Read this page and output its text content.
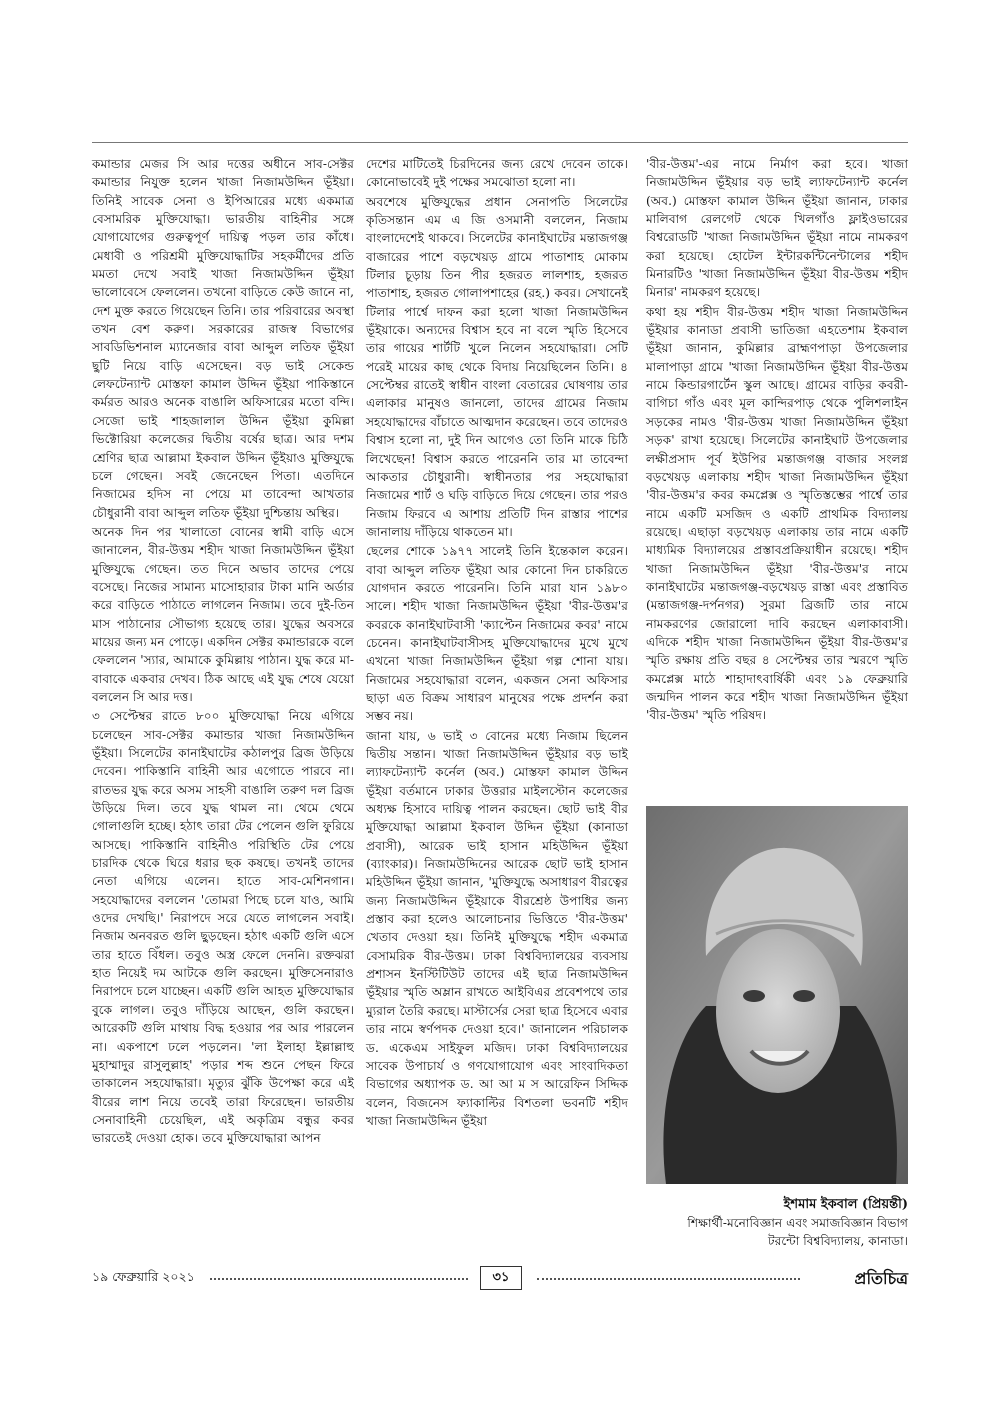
কমান্ডার মেজর সি আর দত্তের অধীনে সাব-সেক্টর কমান্ডার নিযুক্ত হলেন খাজা নিজামউদ্দিন ভূঁইয়া। তিনিই সাবেক সেনা ও ইপিআরের মধ্যে একমাত্র বেসামরিক মুক্তিযোদ্ধা। ভারতীয় বাহিনীর সঙ্গে যোগাযোগের গুরুত্বপূর্ণ দায়িত্ব পড়ল তার কাঁধে। মেধাবী ও পরিশ্রমী মুক্তিযোদ্ধাটির সহকর্মীদের প্রতি মমতা দেখে সবাই খাজা নিজামউদ্দিন ভূঁইয়া ভালোবেসে ফেললেন। তখনো বাড়িতে কেউ জানে না, দেশ মুক্ত করতে গিয়েছেন তিনি। তার পরিবারের অবস্থা তখন বেশ করুণ। সরকারের রাজস্ব বিভাগের সাবডিভিশনাল ম্যানেজার বাবা আব্দুল লতিফ ভূঁইয়া ছুটি নিয়ে বাড়ি এসেছেন। বড় ভাই সেকেন্ড লেফটেন্যান্ট মোস্তফা কামাল উদ্দিন ভূঁইয়া পাকিস্তানে কর্মরত আরও অনেক বাঙালি অফিসারের মতো বন্দি। সেজো ভাই শাহজালাল উদ্দিন ভূঁইয়া কুমিল্লা ভিক্টোরিয়া কলেজের দ্বিতীয় বর্ষের ছাত্র। আর দশম শ্রেণির ছাত্র আল্লামা ইকবাল উদ্দিন ভূঁইয়াও মুক্তিযুদ্ধে চলে গেছেন। সবই জেনেছেন পিতা। এতদিনে নিজামের হদিস না পেয়ে মা তাবেন্দা আখতার চৌধুরানী বাবা আব্দুল লতিফ ভূঁইয়া দুশ্চিন্তায় অস্থির।

অনেক দিন পর খালাতো বোনের স্বামী বাড়ি এসে জানালেন, বীর-উত্তম শহীদ খাজা নিজামউদ্দিন ভূঁইয়া মুক্তিযুদ্ধে গেছেন। তত দিনে অভাব তাদের পেয়ে বসেছে। নিজের সামান্য মাসোহারার টাকা মানি অর্ডার করে বাড়িতে পাঠাতে লাগলেন নিজাম। তবে দুই-তিন মাস পাঠানোর সৌভাগ্য হয়েছে তার। যুদ্ধের অবসরে মায়ের জন্য মন পোড়ে। একদিন সেক্টর কমান্ডারকে বলে ফেললেন 'স্যার, আমাকে কুমিল্লায় পাঠান। যুদ্ধ করে মা-বাবাকে একবার দেখব। ঠিক আছে এই যুদ্ধ শেষে যেয়ো বললেন সি আর দত্ত।

৩ সেপ্টেম্বর রাতে ৮০০ মুক্তিযোদ্ধা নিয়ে এগিয়ে চলেছেন সাব-সেক্টর কমান্ডার খাজা নিজামউদ্দিন ভূঁইয়া। সিলেটের কানাইঘাটের কঠালপুর ব্রিজ উড়িয়ে দেবেন। পাকিস্তানি বাহিনী আর এগোতে পারবে না। রাতভর যুদ্ধ করে অসম সাহসী বাঙালি তরুণ দল ব্রিজ উড়িয়ে দিল। তবে যুদ্ধ থামল না। থেমে থেমে গোলাগুলি হচ্ছে। হঠাৎ তারা টের পেলেন গুলি ফুরিয়ে আসছে। পাকিস্তানি বাহিনীও পরিস্থিতি টের পেয়ে চারদিক থেকে ঘিরে ধরার ছক কষছে। তখনই তাদের নেতা এগিয়ে এলেন। হাতে সাব-মেশিনগান। সহযোদ্ধাদের বললেন 'তোমরা পিছে চলে যাও, আমি ওদের দেখছি।' নিরাপদে সরে যেতে লাগলেন সবাই। নিজাম অনবরত গুলি ছুড়ছেন। হঠাৎ একটি গুলি এসে তার হাতে বিঁধল। তবুও অস্ত্র ফেলে দেননি। রক্তঝরা হাত নিয়েই দম আটকে গুলি করছেন। মুক্তিসেনারাও নিরাপদে চলে যাচ্ছেন। একটি গুলি আহত মুক্তিযোদ্ধার বুকে লাগল। তবুও দাঁড়িয়ে আছেন, গুলি করছেন। আরেকটি গুলি মাথায় বিদ্ধ হওয়ার পর আর পারলেন না। একপাশে ঢলে পড়লেন। 'লা ইলাহা ইল্লাল্লাহু মুহাম্মাদুর রাসুলুল্লাহ' পড়ার শব্দ শুনে পেছন ফিরে তাকালেন সহযোদ্ধারা। মৃত্যুর ঝুঁকি উপেক্ষা করে এই বীরের লাশ নিয়ে তবেই তারা ফিরেছেন। ভারতীয় সেনাবাহিনী চেয়েছিল, এই অকৃত্রিম বন্ধুর কবর ভারতেই দেওয়া হোক। তবে মুক্তিযোদ্ধারা আপন

দেশের মাটিতেই চিরদিনের জন্য রেখে দেবেন তাকে। কোনোভাবেই দুই পক্ষের সমঝোতা হলো না।

অবশেষে মুক্তিযুদ্ধের প্রধান সেনাপতি সিলেটের কৃতিসন্তান এম এ জি ওসমানী বললেন, নিজাম বাংলাদেশেই থাকবে। সিলেটের কানাইঘাটের মন্তাজগঞ্জ বাজারের পাশে বড়খেয়ড় গ্রামে পাতাশাহ মোকাম টিলার চূড়ায় তিন পীর হজরত লালশাহ, হজরত পাতাশাহ, হজরত গোলাপশাহের (রহ.) কবর। সেখানেই টিলার পার্শ্বে দাফন করা হলো খাজা নিজামউদ্দিন ভূঁইয়াকে। অন্যদের বিশ্বাস হবে না বলে স্মৃতি হিসেবে তার গায়ের শার্টটি খুলে নিলেন সহযোদ্ধারা। সেটি পরেই মায়ের কাছ থেকে বিদায় নিয়েছিলেন তিনি। ৪ সেপ্টেম্বর রাতেই স্বাধীন বাংলা বেতারের ঘোষণায় তার এলাকার মানুষও জানলো, তাদের গ্রামের নিজাম সহযোদ্ধাদের বাঁচাতে আত্মদান করেছেন। তবে তাদেরও বিশ্বাস হলো না, দুই দিন আগেও তো তিনি মাকে চিঠি লিখেছেন! বিশ্বাস করতে পারেননি তার মা তাবেন্দা আকতার চৌধুরানী। স্বাধীনতার পর সহযোদ্ধারা নিজামের শার্ট ও ঘড়ি বাড়িতে দিয়ে গেছেন। তার পরও নিজাম ফিরবে এ আশায় প্রতিটি দিন রাস্তার পাশের জানালায় দাঁড়িয়ে থাকতেন মা।

ছেলের শোকে ১৯৭৭ সালেই তিনি ইন্তেকাল করেন। বাবা আব্দুল লতিফ ভূঁইয়া আর কোনো দিন চাকরিতে যোগদান করতে পারেননি। তিনি মারা যান ১৯৮০ সালে। শহীদ খাজা নিজামউদ্দিন ভূঁইয়া 'বীর-উত্তম'র কবরকে কানাইঘাটবাসী 'ক্যাপ্টেন নিজামের কবর' নামে চেনেন। কানাইঘাটবাসীসহ মুক্তিযোদ্ধাদের মুখে মুখে এখনো খাজা নিজামউদ্দিন ভূঁইয়া গল্প শোনা যায়। নিজামের সহযোদ্ধারা বলেন, একজন সেনা অফিসার ছাড়া এত বিক্রম সাধারণ মানুষের পক্ষে প্রদর্শন করা সম্ভব নয়।

জানা যায়, ৬ ভাই ৩ বোনের মধ্যে নিজাম ছিলেন দ্বিতীয় সন্তান। খাজা নিজামউদ্দিন ভূঁইয়ার বড় ভাই ল্যাফটেন্যান্ট কর্নেল (অব.) মোস্তফা কামাল উদ্দিন ভূঁইয়া বর্তমানে ঢাকার উত্তরার মাইলস্টোন কলেজের অধ্যক্ষ হিসাবে দায়িত্ব পালন করছেন। ছোট ভাই বীর মুক্তিযোদ্ধা আল্লামা ইকবাল উদ্দিন ভূঁইয়া (কানাডা প্রবাসী), আরেক ভাই হাসান মহিউদ্দিন ভূঁইয়া (ব্যাংকার)। নিজামউদ্দিনের আরেক ছোট ভাই হাসান মহিউদ্দিন ভূঁইয়া জানান, 'মুক্তিযুদ্ধে অসাধারণ বীরত্বের জন্য নিজামউদ্দিন ভূঁইয়াকে বীরশ্রেষ্ঠ উপাধির জন্য প্রস্তাব করা হলেও আলোচনার ভিত্তিতে 'বীর-উত্তম' খেতাব দেওয়া হয়। তিনিই মুক্তিযুদ্ধে শহীদ একমাত্র বেসামরিক বীর-উত্তম। ঢাকা বিশ্ববিদ্যালয়ের ব্যবসায় প্রশাসন ইনস্টিটিউট তাদের এই ছাত্র নিজামউদ্দিন ভূঁইয়ার স্মৃতি অম্লান রাখতে আইবিএর প্রবেশপথে তার ম্যুরাল তৈরি করছে। মাস্টার্সের সেরা ছাত্র হিসেবে এবার তার নামে স্বর্ণপদক দেওয়া হবে।' জানালেন পরিচালক ড. একেএম সাইফুল মজিদ। ঢাকা বিশ্ববিদ্যালয়ের সাবেক উপাচার্য ও গণযোগাযোগ এবং সাংবাদিকতা বিভাগের অধ্যাপক ড. আ আ ম স আরেফিন সিদ্দিক বলেন, বিজনেস ফ্যাকাল্টির বিশতলা ভবনটি শহীদ খাজা নিজামউদ্দিন ভূঁইয়া

'বীর-উত্তম'-এর নামে নির্মাণ করা হবে। খাজা নিজামউদ্দিন ভূঁইয়ার বড় ভাই ল্যাফটেন্যান্ট কর্নেল (অব.) মোস্তফা কামাল উদ্দিন ভূঁইয়া জানান, ঢাকার মালিবাগ রেলগেট থেকে খিলগাঁও ফ্লাইওভারের বিশ্বরোডটি 'খাজা নিজামউদ্দিন ভূঁইয়া নামে নামকরণ করা হয়েছে। হোটেল ইন্টারকন্টিনেন্টালের শহীদ মিনারটিও 'খাজা নিজামউদ্দিন ভূঁইয়া বীর-উত্তম শহীদ মিনার' নামকরণ হয়েছে।

কথা হয় শহীদ বীর-উত্তম শহীদ খাজা নিজামউদ্দিন ভূঁইয়ার কানাডা প্রবাসী ভাতিজা এহতেশাম ইকবাল ভূঁইয়া জানান, কুমিল্লার ব্রাহ্মণপাড়া উপজেলার মালাপাড়া গ্রামে 'খাজা নিজামউদ্দিন ভূঁইয়া বীর-উত্তম নামে কিন্ডারগার্টেন স্কুল আছে। গ্রামের বাড়ির কবরী-বাগিচা গাঁও এবং মূল কান্দিরপাড় থেকে পুলিশলাইন সড়কের নামও 'বীর-উত্তম খাজা নিজামউদ্দিন ভূঁইয়া সড়ক' রাখা হয়েছে। সিলেটের কানাইঘাট উপজেলার লক্ষীপ্রসাদ পূর্ব ইউপির মন্তাজগঞ্জ বাজার সংলগ্ন বড়খেয়ড় এলাকায় শহীদ খাজা নিজামউদ্দিন ভূঁইয়া 'বীর-উত্তম'র কবর কমপ্লেক্স ও স্মৃতিস্তম্ভের পার্শ্বে তার নামে একটি মসজিদ ও একটি প্রাথমিক বিদ্যালয় রয়েছে। এছাড়া বড়খেয়ড় এলাকায় তার নামে একটি মাধ্যমিক বিদ্যালয়ের প্রস্তাবপ্রক্রিয়াধীন রয়েছে। শহীদ খাজা নিজামউদ্দিন ভূঁইয়া 'বীর-উত্তম'র নামে কানাইঘাটের মন্তাজগঞ্জ-বড়খেয়ড় রাস্তা এবং প্রস্তাবিত (মন্তাজগঞ্জ-দর্পনগর) সুরমা ব্রিজটি তার নামে নামকরণের জোরালো দাবি করছেন এলাকাবাসী। এদিকে শহীদ খাজা নিজামউদ্দিন ভূঁইয়া বীর-উত্তম'র স্মৃতি রক্ষায় প্রতি বছর ৪ সেপ্টেম্বর তার স্মরণে স্মৃতি কমপ্লেক্স মাঠে শাহাদাৎবার্ষিকী এবং ১৯ ফেব্রুয়ারি জন্মদিন পালন করে শহীদ খাজা নিজামউদ্দিন ভূঁইয়া 'বীর-উত্তম' স্মৃতি পরিষদ।

ইশমাম ইকবাল (প্রিয়ন্তী)
শিক্ষার্থী-মনোবিজ্ঞান এবং সমাজবিজ্ঞান বিভাগ
টরন্টো বিশ্ববিদ্যালয়, কানাডা।
১৯ ফেব্রুয়ারি ২০২১	৩১	প্রতিচিত্র
